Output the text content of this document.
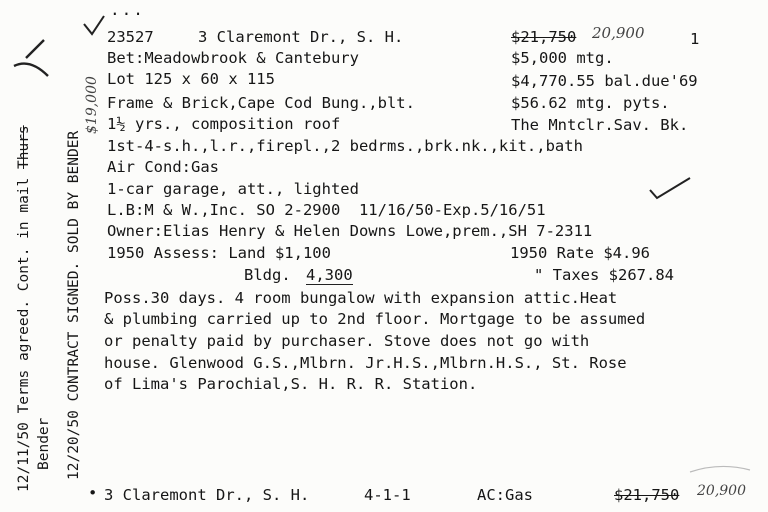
...
23527	3 Claremont Dr., S. H.	$21,750 20,900	1
Bet:Meadowbrook & Cantebury
Lot 125 x 60 x 115
Frame & Brick,Cape Cod Bung.,blt.
1½ yrs., composition roof
$5,000 mtg.
$4,770.55 bal.due'69
$56.62 mtg. pyts.
The Mntclr.Sav. Bk.
1st-4-s.h.,l.r.,firepl.,2 bedrms.,brk.nk.,kit.,bath
Air Cond:Gas
1-car garage, att., lighted
L.B:M & W.,Inc. SO 2-2900  11/16/50-Exp.5/16/51
Owner:Elias Henry & Helen Downs Lowe,prem.,SH 7-2311
1950 Assess: Land $1,100	1950 Rate $4.96
Bldg. 4,300	" Taxes $267.84
Poss.30 days. 4 room bungalow with expansion attic.Heat
& plumbing carried up to 2nd floor. Mortgage to be assumed
or penalty paid by purchaser. Stove does not go with
house. Glenwood G.S.,Mlbrn. Jr.H.S.,Mlbrn.H.S., St. Rose
of Lima's Parochial,S. H. R. R. Station.
12/11/50 Terms agreed. Cont. in mail Thurs
Bender 12/20/50 CONTRACT SIGNED. SOLD BY BENDER
$19,000
• 3 Claremont Dr., S. H.	4-1-1	AC:Gas	$21,750 20,900
